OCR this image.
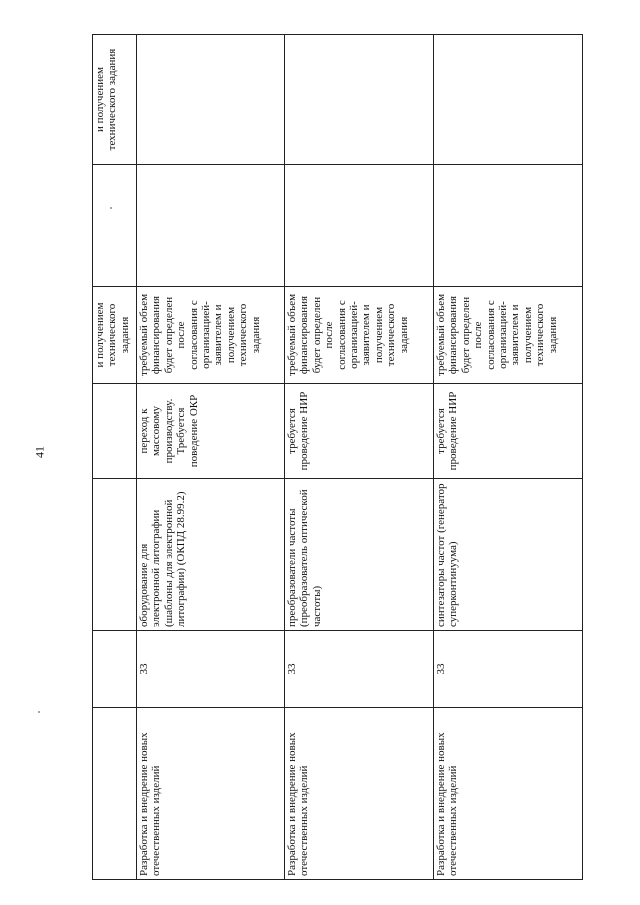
41
				и получением технического задания		и получением технического задания
Разработка и внедрение новых отечественных изделий	33	оборудование для электронной литографии (шаблоны для электронной литографии) (ОКПД 28.99.2)	переход к массовому производству. Требуется поведение ОКР	требуемый объем финансирования будет определен после согласования с организацией-заявителем и получением технического задания		
Разработка и внедрение новых отечественных изделий	33	преобразователи частоты (преобразователь оптической частоты)	требуется проведение НИР	требуемый объем финансирования будет определен после согласования с организацией-заявителем и получением технического задания		
Разработка и внедрение новых отечественных изделий	33	синтезаторы частот (генератор суперконтинуума)	требуется проведение НИР	требуемый объем финансирования будет определен после согласования с организацией-заявителем и получением технического задания		
